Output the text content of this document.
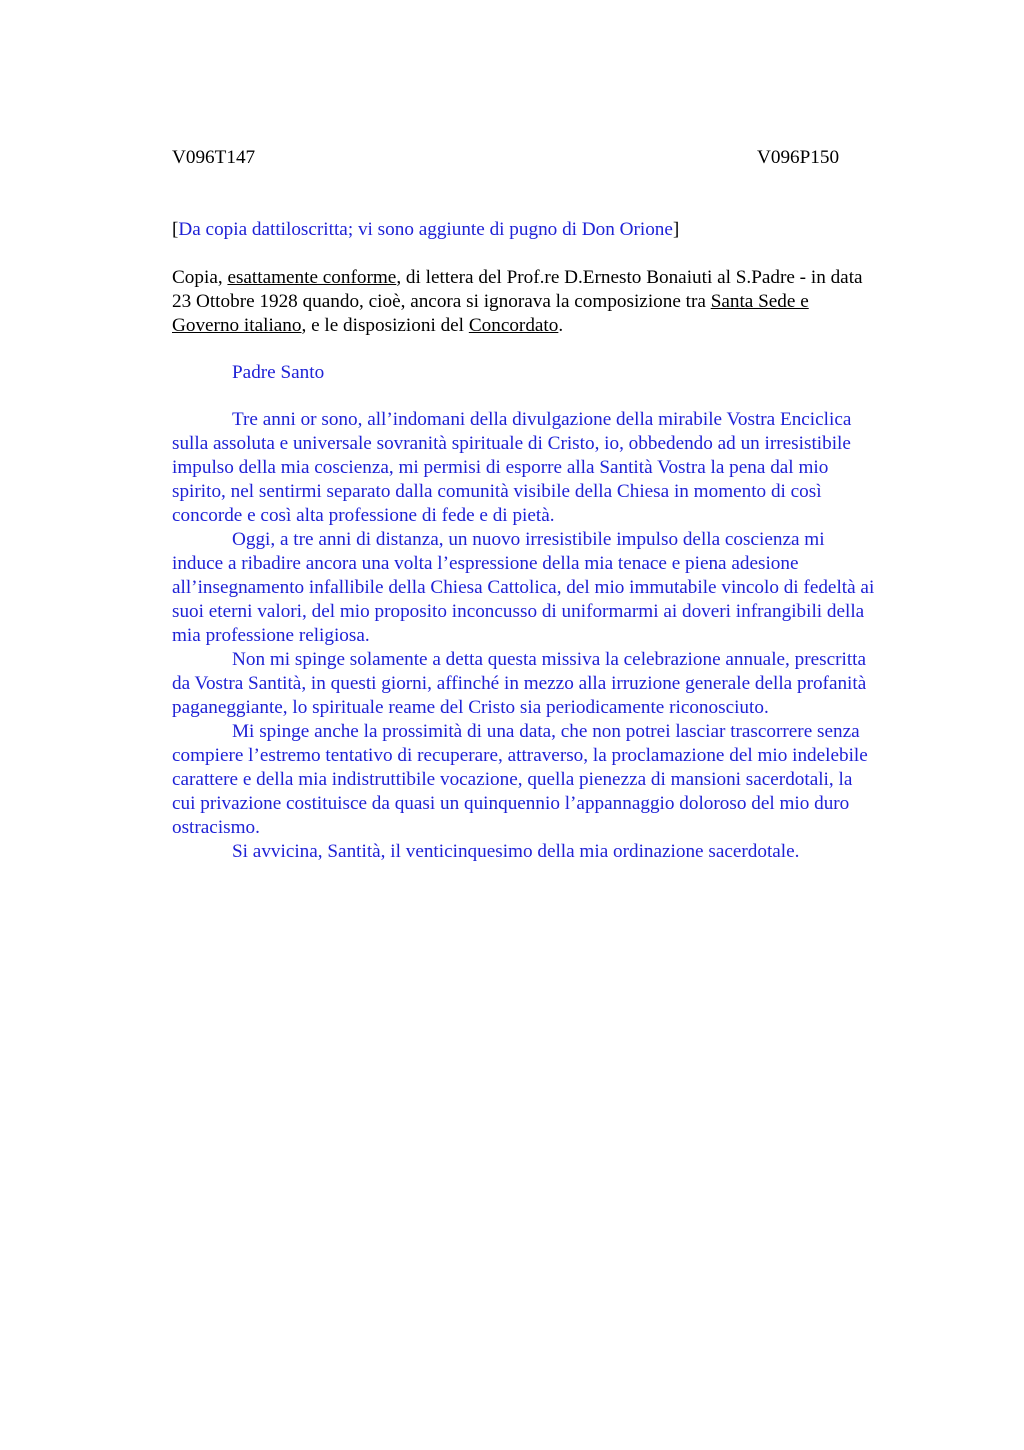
V096T147	V096P150
[Da copia dattiloscritta; vi sono aggiunte di pugno di Don Orione]
Copia, esattamente conforme, di lettera del Prof.re D.Ernesto Bonaiuti al S.Padre - in data
23 Ottobre 1928 quando, cioè, ancora si ignorava la composizione tra Santa Sede e
Governo italiano, e le disposizioni del Concordato.
Padre Santo
Tre anni or sono, all’indomani della divulgazione della mirabile Vostra Enciclica
sulla assoluta e universale sovranità spirituale di Cristo, io, obbedendo ad un irresistibile
impulso della mia coscienza, mi permisi di esporre alla Santità Vostra la pena dal mio
spirito, nel sentirmi separato dalla comunità visibile della Chiesa in momento di così
concorde e così alta professione di fede e di pietà.
Oggi, a tre anni di distanza, un nuovo irresistibile impulso della coscienza mi
induce a ribadire ancora una volta l’espressione della mia tenace e piena adesione
all’insegnamento infallibile della Chiesa Cattolica, del mio immutabile vincolo di fedeltà ai
suoi eterni valori, del mio proposito inconcusso di uniformarmi ai doveri infrangibili della
mia professione religiosa.
Non mi spinge solamente a detta questa missiva la celebrazione annuale, prescritta
da Vostra Santità, in questi giorni, affinché in mezzo alla irruzione generale della profanità
paganeggiante, lo spirituale reame del Cristo sia periodicamente riconosciuto.
Mi spinge anche la prossimità di una data, che non potrei lasciar trascorrere senza
compiere l’estremo tentativo di recuperare, attraverso, la proclamazione del mio indelebile
carattere e della mia indistruttibile vocazione, quella pienezza di mansioni sacerdotali, la
cui privazione costituisce da quasi un quinquennio l’appannaggio doloroso del mio duro
ostracismo.
Si avvicina, Santità, il venticinquesimo della mia ordinazione sacerdotale.
